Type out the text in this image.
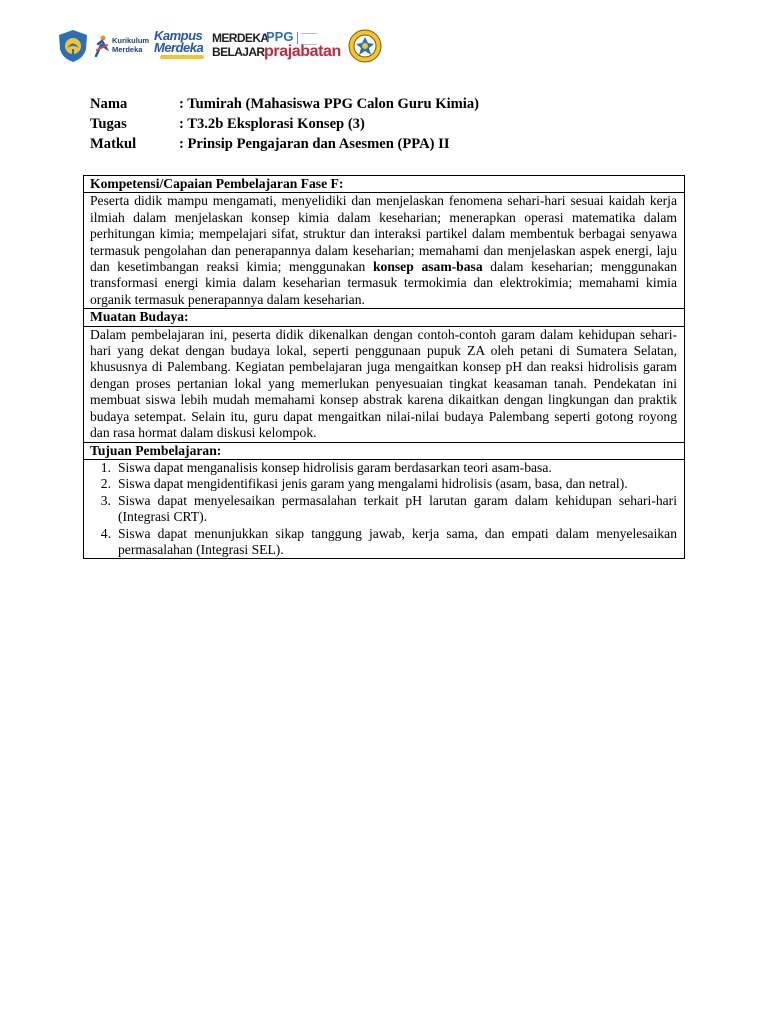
Kurikulum Merdeka
Kampus Merdeka
MERDEKA BELAJAR
PPG
prajabatan
Nama	: Tumirah (Mahasiswa PPG Calon Guru Kimia)
Tugas	: T3.2b Eksplorasi Konsep (3)
Matkul	: Prinsip Pengajaran dan Asesmen (PPA) II
Kompetensi/Capaian Pembelajaran Fase F:
Peserta didik mampu mengamati, menyelidiki dan menjelaskan fenomena sehari-hari sesuai kaidah kerja ilmiah dalam menjelaskan konsep kimia dalam keseharian; menerapkan operasi matematika dalam perhitungan kimia; mempelajari sifat, struktur dan interaksi partikel dalam membentuk berbagai senyawa termasuk pengolahan dan penerapannya dalam keseharian; memahami dan menjelaskan aspek energi, laju dan kesetimbangan reaksi kimia; menggunakan konsep asam-basa dalam keseharian; menggunakan transformasi energi kimia dalam keseharian termasuk termokimia dan elektrokimia; memahami kimia organik termasuk penerapannya dalam keseharian.
Muatan Budaya:
Dalam pembelajaran ini, peserta didik dikenalkan dengan contoh-contoh garam dalam kehidupan sehari-hari yang dekat dengan budaya lokal, seperti penggunaan pupuk ZA oleh petani di Sumatera Selatan, khususnya di Palembang. Kegiatan pembelajaran juga mengaitkan konsep pH dan reaksi hidrolisis garam dengan proses pertanian lokal yang memerlukan penyesuaian tingkat keasaman tanah. Pendekatan ini membuat siswa lebih mudah memahami konsep abstrak karena dikaitkan dengan lingkungan dan praktik budaya setempat. Selain itu, guru dapat mengaitkan nilai-nilai budaya Palembang seperti gotong royong dan rasa hormat dalam diskusi kelompok.
Tujuan Pembelajaran:

1. Siswa dapat menganalisis konsep hidrolisis garam berdasarkan teori asam-basa.
2. Siswa dapat mengidentifikasi jenis garam yang mengalami hidrolisis (asam, basa, dan netral).
3. Siswa dapat menyelesaikan permasalahan terkait pH larutan garam dalam kehidupan sehari-hari (Integrasi CRT).
4. Siswa dapat menunjukkan sikap tanggung jawab, kerja sama, dan empati dalam menyelesaikan permasalahan (Integrasi SEL).
